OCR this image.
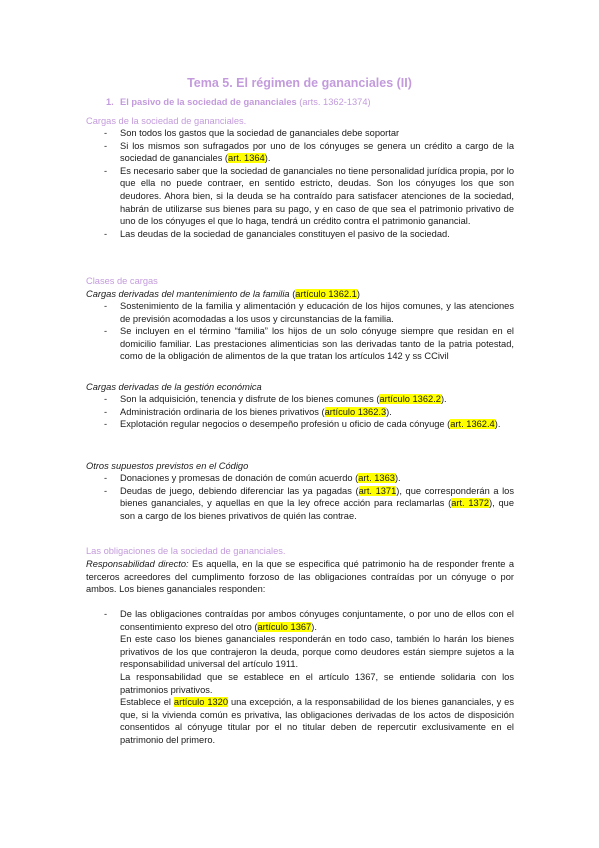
Tema 5. El régimen de gananciales (II)
1. El pasivo de la sociedad de gananciales (arts. 1362-1374)
Cargas de la sociedad de gananciales.
- Son todos los gastos que la sociedad de gananciales debe soportar
- Si los mismos son sufragados por uno de los cónyuges se genera un crédito a cargo de la sociedad de gananciales (art. 1364).
- Es necesario saber que la sociedad de gananciales no tiene personalidad jurídica propia, por lo que ella no puede contraer, en sentido estricto, deudas. Son los cónyuges los que son deudores. Ahora bien, si la deuda se ha contraído para satisfacer atenciones de la sociedad, habrán de utilizarse sus bienes para su pago, y en caso de que sea el patrimonio privativo de uno de los cónyuges el que lo haga, tendrá un crédito contra el patrimonio ganancial.
- Las deudas de la sociedad de gananciales constituyen el pasivo de la sociedad.
Clases de cargas
Cargas derivadas del mantenimiento de la familia (artículo 1362.1)
- Sostenimiento de la familia y alimentación y educación de los hijos comunes, y las atenciones de previsión acomodadas a los usos y circunstancias de la familia.
- Se incluyen en el término “familia” los hijos de un solo cónyuge siempre que residan en el domicilio familiar. Las prestaciones alimenticias son las derivadas tanto de la patria potestad, como de la obligación de alimentos de la que tratan los artículos 142 y ss CCivil
Cargas derivadas de la gestión económica
- Son la adquisición, tenencia y disfrute de los bienes comunes (artículo 1362.2).
- Administración ordinaria de los bienes privativos (artículo 1362.3).
- Explotación regular negocios o desempeño profesión u oficio de cada cónyuge (art. 1362.4).
Otros supuestos previstos en el Código
- Donaciones y promesas de donación de común acuerdo (art. 1363).
- Deudas de juego, debiendo diferenciar las ya pagadas (art. 1371), que corresponderán a los bienes gananciales, y aquellas en que la ley ofrece acción para reclamarlas (art. 1372), que son a cargo de los bienes privativos de quién las contrae.
Las obligaciones de la sociedad de gananciales.
Responsabilidad directo: Es aquella, en la que se especifica qué patrimonio ha de responder frente a terceros acreedores del cumplimento forzoso de las obligaciones contraídas por un cónyuge o por ambos. Los bienes gananciales responden:
- De las obligaciones contraídas por ambos cónyuges conjuntamente, o por uno de ellos con el consentimiento expreso del otro (artículo 1367).
En este caso los bienes gananciales responderán en todo caso, también lo harán los bienes privativos de los que contrajeron la deuda, porque como deudores están siempre sujetos a la responsabilidad universal del artículo 1911.
La responsabilidad que se establece en el artículo 1367, se entiende solidaria con los patrimonios privativos.
Establece el artículo 1320 una excepción, a la responsabilidad de los bienes gananciales, y es que, si la vivienda común es privativa, las obligaciones derivadas de los actos de disposición consentidos al cónyuge titular por el no titular deben de repercutir exclusivamente en el patrimonio del primero.
